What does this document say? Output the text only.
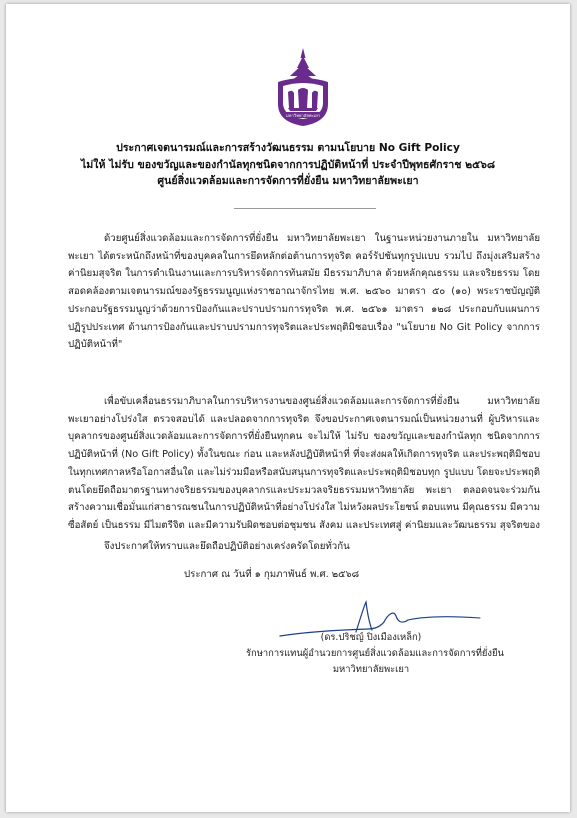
มหาวิทยาลัยพะเยา
ประกาศเจตนารมณ์และการสร้างวัฒนธรรม ตามนโยบาย No Gift Policy
ไม่ให้ ไม่รับ ของขวัญและของกำนัลทุกชนิดจากการปฏิบัติหน้าที่ ประจำปีพุทธศักราช ๒๕๖๘
ศูนย์สิ่งแวดล้อมและการจัดการที่ยั่งยืน มหาวิทยาลัยพะเยา
ด้วยศูนย์สิ่งแวดล้อมและการจัดการที่ยั่งยืน มหาวิทยาลัยพะเยา ในฐานะหน่วยงานภายใน มหาวิทยาลัยพะเยา ได้ตระหนักถึงหน้าที่ของบุคคลในการยึดหลักต่อต้านการทุจริต คอร์รัปชันทุกรูปแบบ รวมไป ถึงมุ่งเสริมสร้างค่านิยมสุจริต ในการดำเนินงานและการบริหารจัดการทันสมัย มีธรรมาภิบาล ด้วยหลักคุณธรรม และจริยธรรม โดยสอดคล้องตามเจตนารมณ์ของรัฐธรรมนูญแห่งราชอาณาจักรไทย พ.ศ. ๒๕๖๐ มาตรา ๕๐ (๑๐) พระราชบัญญัติประกอบรัฐธรรมนูญว่าด้วยการป้องกันและปราบปรามการทุจริต พ.ศ. ๒๕๖๑ มาตรา ๑๒๘ ประกอบกับแผนการปฏิรูปประเทศ ด้านการป้องกันและปราบปรามการทุจริตและประพฤติมิชอบเรื่อง "นโยบาย No Git Policy จากการปฏิบัติหน้าที่"
เพื่อขับเคลื่อนธรรมาภิบาลในการบริหารงานของศูนย์สิ่งแวดล้อมและการจัดการที่ยั่งยืน มหาวิทยาลัยพะเยาอย่างโปร่งใส ตรวจสอบได้ และปลอดจากการทุจริต จึงขอประกาศเจตนารมณ์เป็นหน่วยงานที่ ผู้บริหารและบุคลากรของศูนย์สิ่งแวดล้อมและการจัดการที่ยั่งยืนทุกคน จะไม่ให้ ไม่รับ ของขวัญและของกำนัลทุก ชนิดจากการปฏิบัติหน้าที่ (No Gift Policy) ทั้งในขณะ ก่อน และหลังปฏิบัติหน้าที่ ที่จะส่งผลให้เกิดการทุจริต และประพฤติมิชอบ ในทุกเทศกาลหรือโอกาสอื่นใด และไม่ร่วมมือหรือสนับสนุนการทุจริตและประพฤติมิชอบทุก รูปแบบ โดยจะประพฤติตนโดยยึดถือมาตรฐานทางจริยธรรมของบุคลากรและประมวลจริยธรรมมหาวิทยาลัย พะเยา ตลอดจนจะร่วมกันสร้างความเชื่อมั่นแก่สาธารณชนในการปฏิบัติหน้าที่อย่างโปร่งใส ไม่หวังผลประโยชน์ ตอบแทน มีคุณธรรม มีความ ซื่อสัตย์ เป็นธรรม มีไมตรีจิต และมีความรับผิดชอบต่อชุมชน สังคม และประเทศสู่ ค่านิยมและวัฒนธรรม สุจริตของ
จึงประกาศให้ทราบและยึดถือปฏิบัติอย่างเคร่งครัดโดยทั่วกัน
ประกาศ ณ วันที่ ๑ กุมภาพันธ์ พ.ศ. ๒๕๖๘
(ดร.ปริชญ์ ปิงเมืองเหล็ก)
รักษาการแทนผู้อำนวยการศูนย์สิ่งแวดล้อมและการจัดการที่ยั่งยืน
มหาวิทยาลัยพะเยา
